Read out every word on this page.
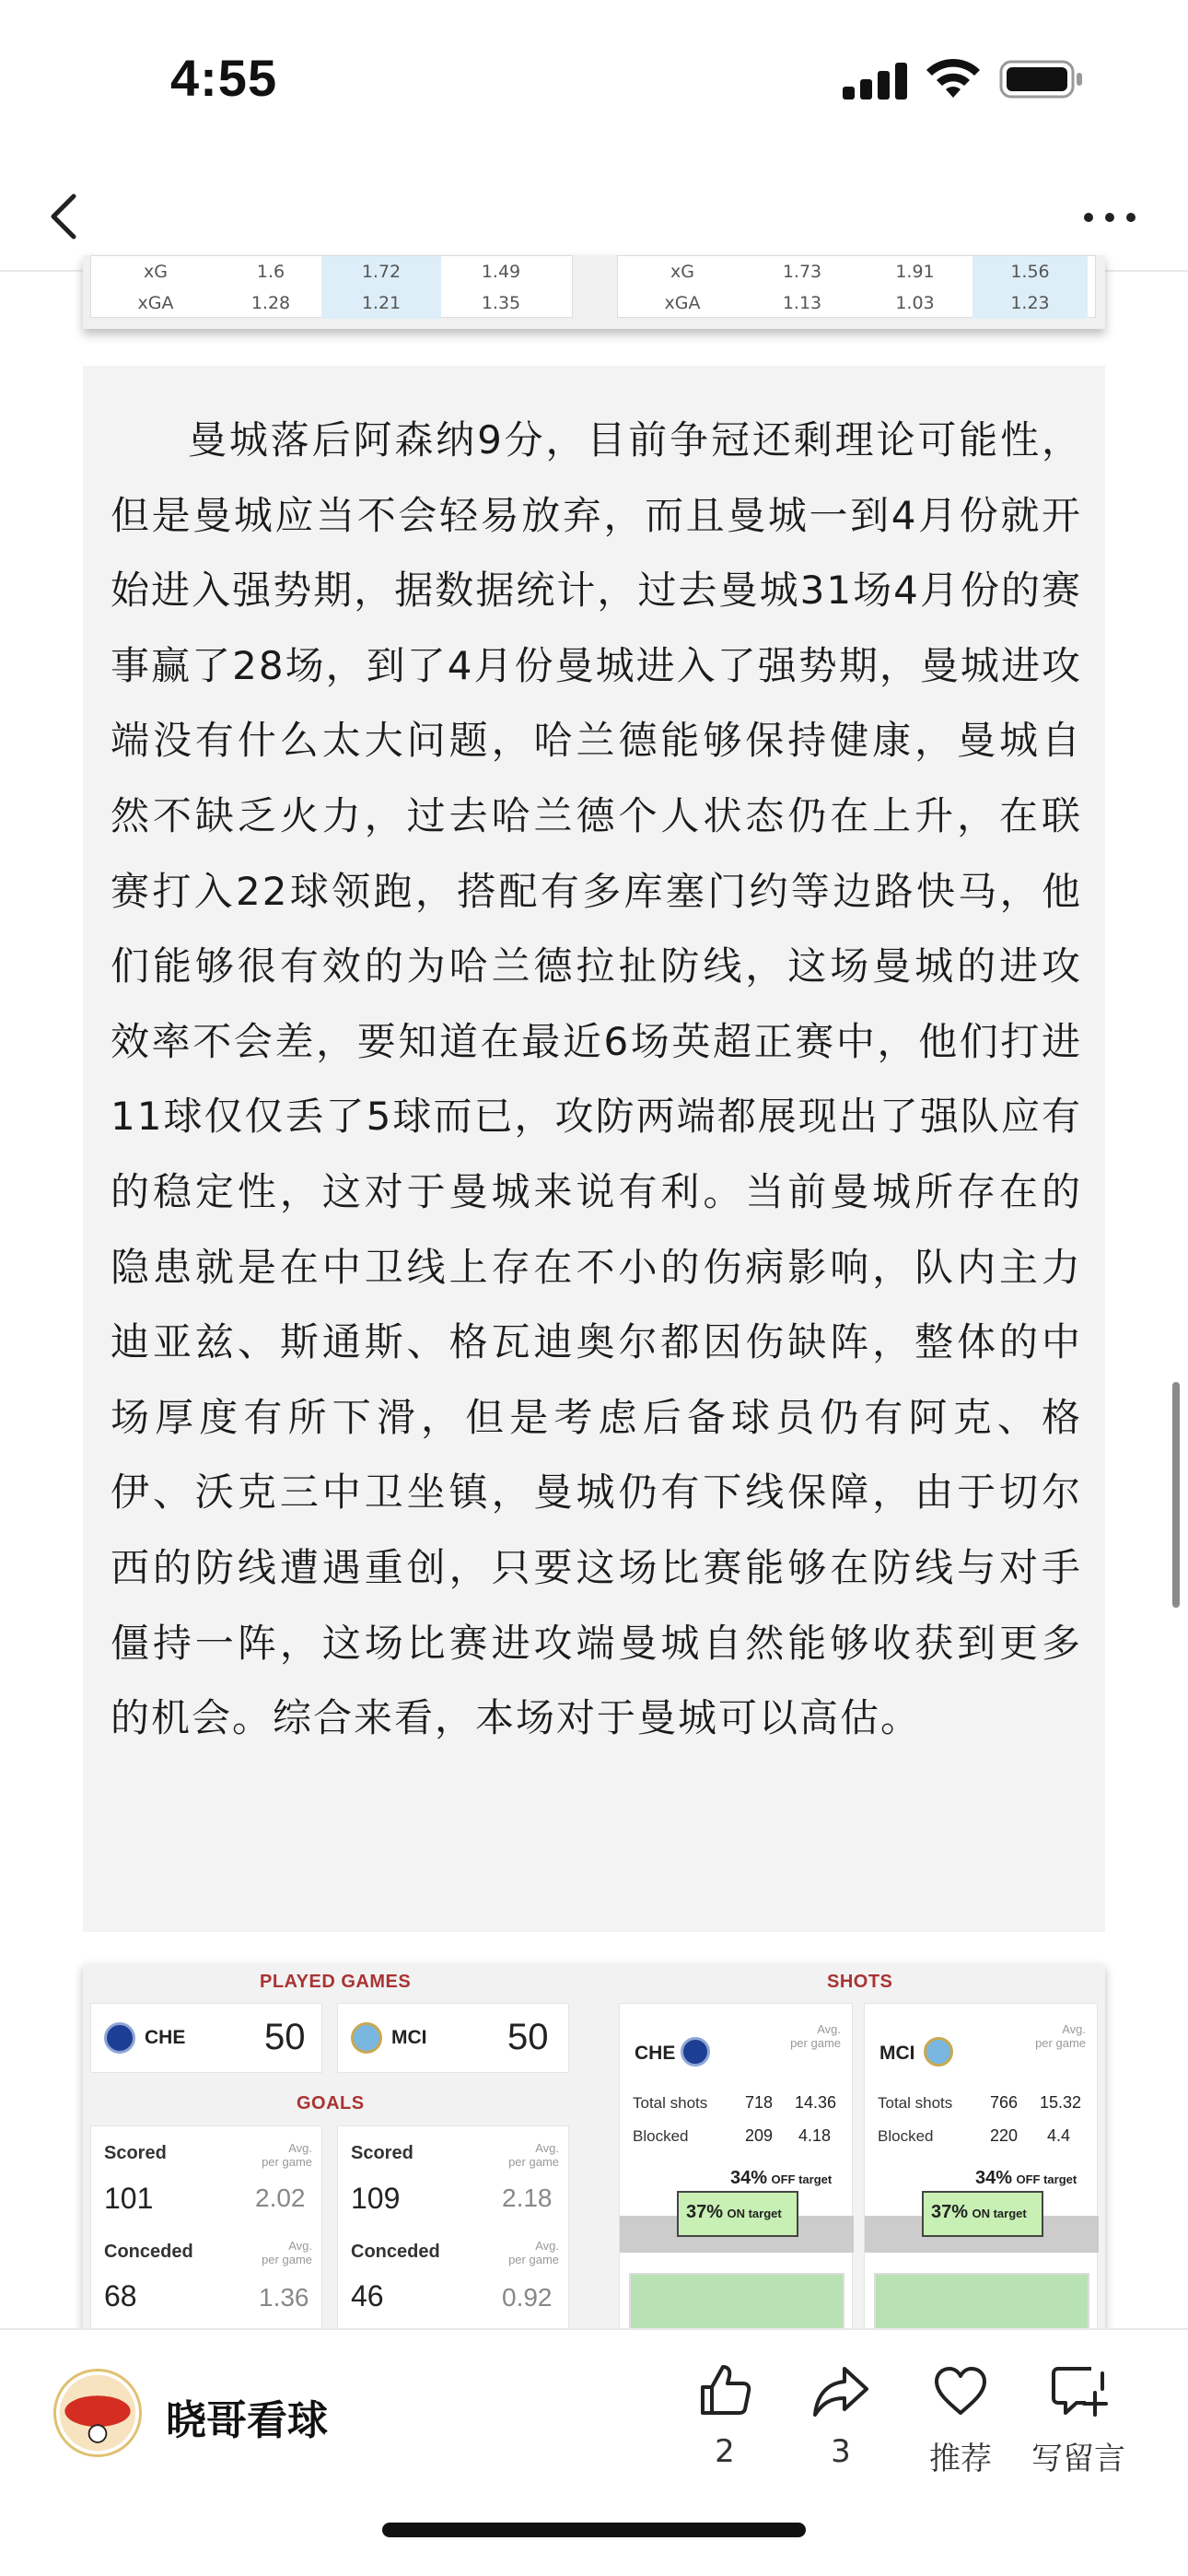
4:55
xG	1.6	1.72	1.49
xGA	1.28	1.21	1.35
xG	1.73	1.91	1.56
xGA	1.13	1.03	1.23

曼城落后阿森纳9分，目前争冠还剩理论可能性，但是曼城应当不会轻易放弃，而且曼城一到4月份就开始进入强势期，据数据统计，过去曼城31场4月份的赛事赢了28场，到了4月份曼城进入了强势期，曼城进攻端没有什么太大问题，哈兰德能够保持健康，曼城自然不缺乏火力，过去哈兰德个人状态仍在上升，在联赛打入22球领跑，搭配有多库塞门约等边路快马，他们能够很有效的为哈兰德拉扯防线，这场曼城的进攻效率不会差，要知道在最近6场英超正赛中，他们打进11球仅仅丢了5球而已，攻防两端都展现出了强队应有的稳定性，这对于曼城来说有利。当前曼城所存在的隐患就是在中卫线上存在不小的伤病影响，队内主力迪亚兹、斯通斯、格瓦迪奥尔都因伤缺阵，整体的中场厚度有所下滑，但是考虑后备球员仍有阿克、格伊、沃克三中卫坐镇，曼城仍有下线保障，由于切尔西的防线遭遇重创，只要这场比赛能够在防线与对手僵持一阵，这场比赛进攻端曼城自然能够收获到更多的机会。综合来看，本场对于曼城可以高估。

PLAYED GAMES
CHE 50	MCI 50
GOALS
Scored	Avg.
per game
101	2.02
Conceded	Avg.
per game
68	1.36
Scored	Avg.
per game
109	2.18
Conceded	Avg.
per game
46	0.92
SHOTS
CHE
Avg.
per game
Total shots 718 14.36
Blocked	209 4.18
34% OFF target
37% ON target
MCI
Avg.
per game
Total shots 766 15.32
Blocked	220 4.4
34% OFF target
37% ON target
晓哥看球
2	3	推荐	写留言
